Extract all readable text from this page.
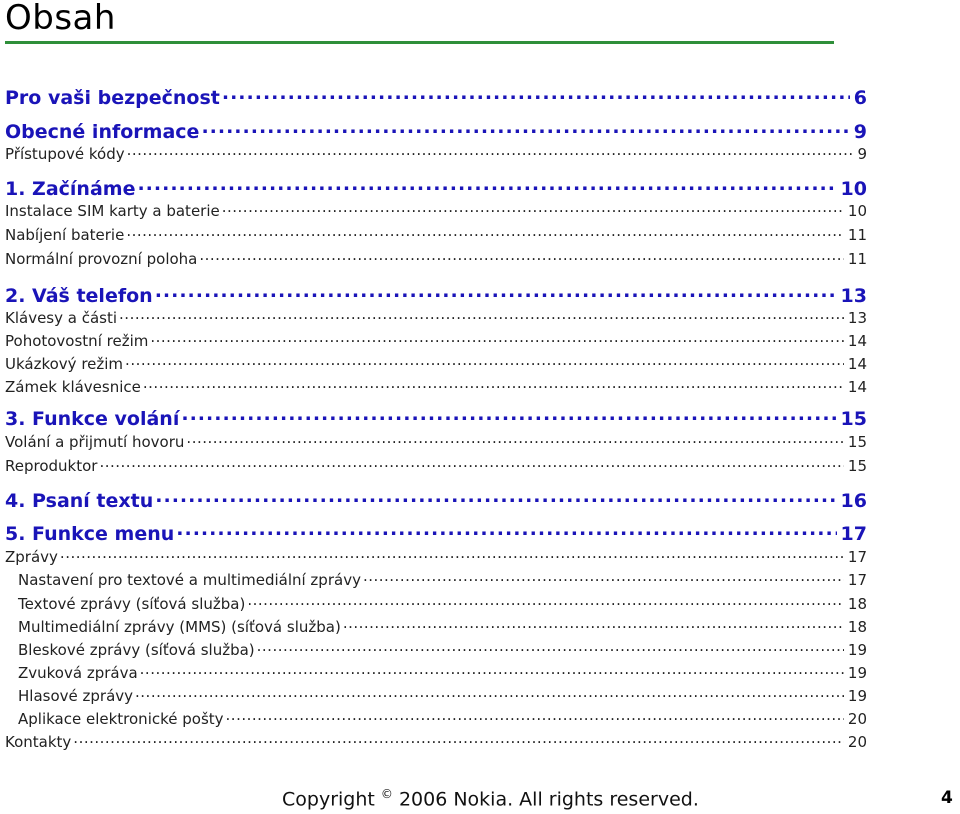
Obsah
Pro vaši bezpečnost .....	6
Obecné informace .....	9
Přístupové kódy .....	9
1. Začínáme .....	10
Instalace SIM karty a baterie .....	10
Nabíjení baterie .....	11
Normální provozní poloha .....	11
2. Váš telefon .....	13
Klávesy a části .....	13
Pohotovostní režim .....	14
Ukázkový režim .....	14
Zámek klávesnice .....	14
3. Funkce volání .....	15
Volání a přijmutí hovoru .....	15
Reproduktor .....	15
4. Psaní textu .....	16
5. Funkce menu .....	17
Zprávy .....	17
Nastavení pro textové a multimediální zprávy .....	17
Textové zprávy (síťová služba) .....	18
Multimediální zprávy (MMS) (síťová služba) .....	18
Bleskové zprávy (síťová služba) .....	19
Zvuková zpráva .....	19
Hlasové zprávy .....	19
Aplikace elektronické pošty .....	20
Kontakty .....	20
Copyright © 2006 Nokia. All rights reserved.	4
